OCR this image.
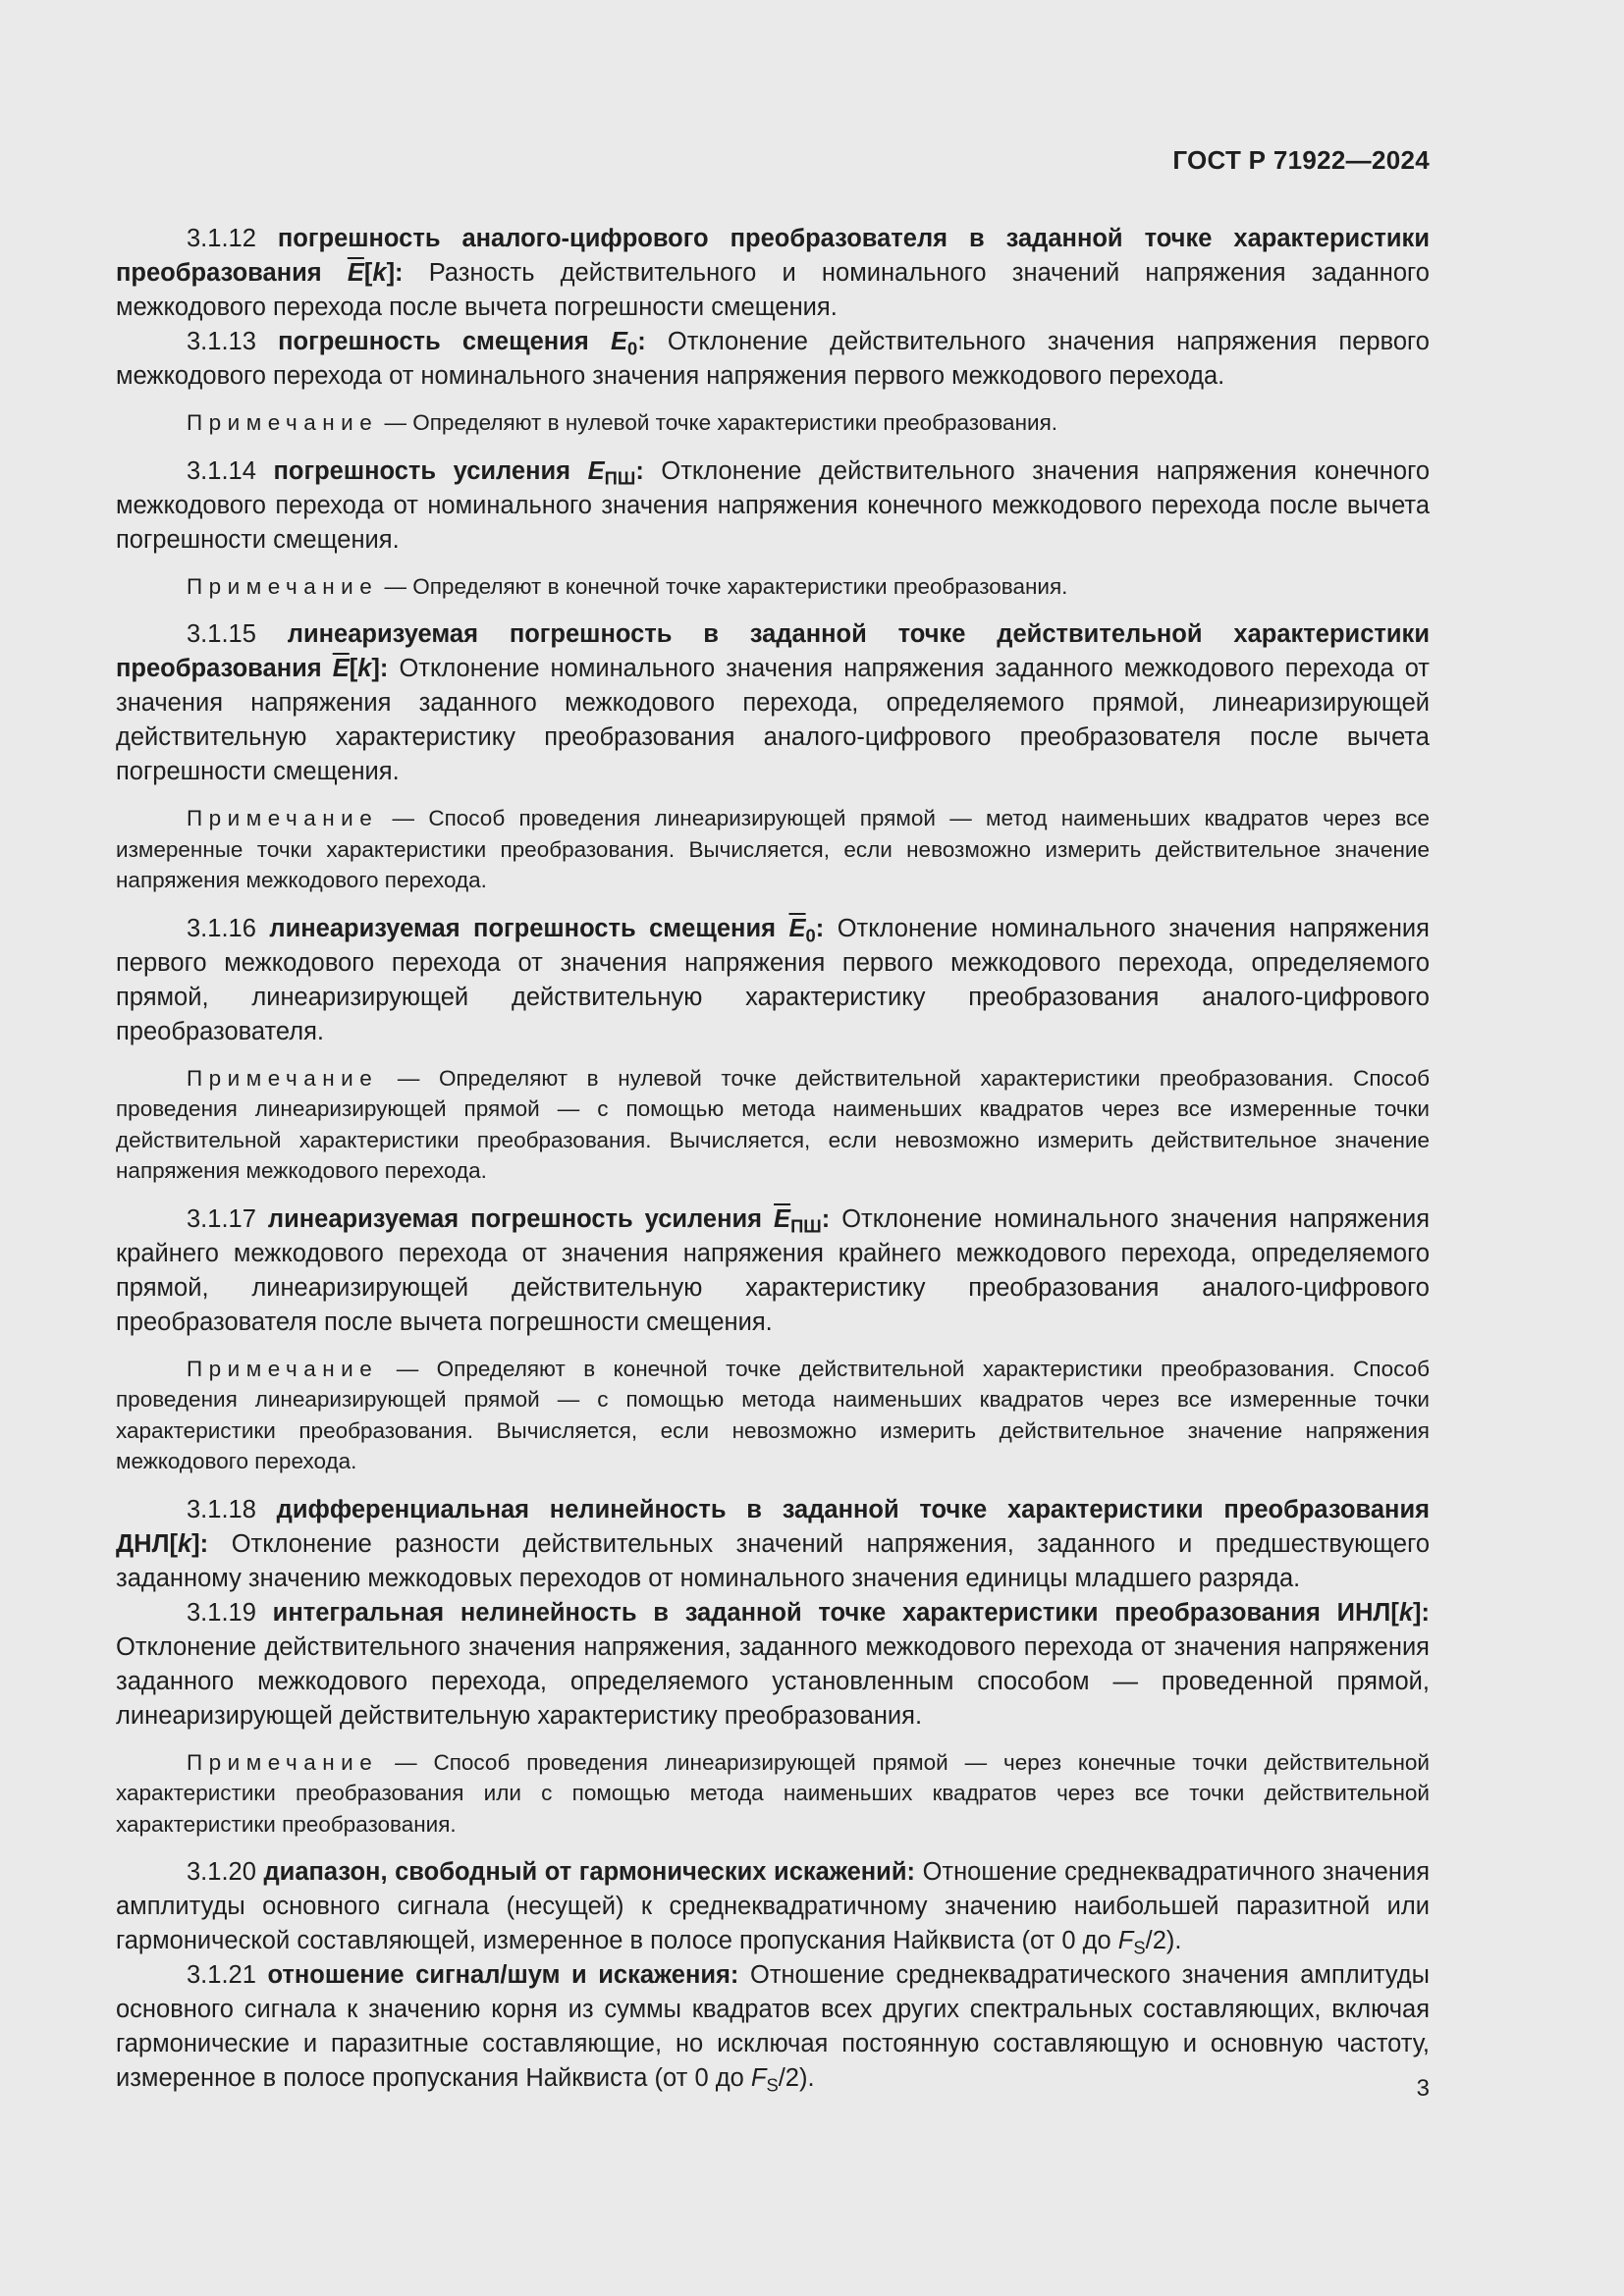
ГОСТ Р 71922—2024

3.1.12 погрешность аналого-цифрового преобразователя в заданной точке характеристики преобразования $\overline{E}[k]$: Разность действительного и номинального значений напряжения заданного межкодового перехода после вычета погрешности смещения.

3.1.13 погрешность смещения $E_0$: Отклонение действительного значения напряжения первого межкодового перехода от номинального значения напряжения первого межкодового перехода.

Примечание — Определяют в нулевой точке характеристики преобразования.

3.1.14 погрешность усиления $E_{ПШ}$: Отклонение действительного значения напряжения конечного межкодового перехода от номинального значения напряжения конечного межкодового перехода после вычета погрешности смещения.

Примечание — Определяют в конечной точке характеристики преобразования.

3.1.15 линеаризуемая погрешность в заданной точке действительной характеристики преобразования $\overline{E}[k]$: Отклонение номинального значения напряжения заданного межкодового перехода от значения напряжения заданного межкодового перехода, определяемого прямой, линеаризирующей действительную характеристику преобразования аналого-цифрового преобразователя после вычета погрешности смещения.

Примечание — Способ проведения линеаризирующей прямой — метод наименьших квадратов через все измеренные точки характеристики преобразования. Вычисляется, если невозможно измерить действительное значение напряжения межкодового перехода.

3.1.16 линеаризуемая погрешность смещения $\overline{E}_0$: Отклонение номинального значения напряжения первого межкодового перехода от значения напряжения первого межкодового перехода, определяемого прямой, линеаризирующей действительную характеристику преобразования аналого-цифрового преобразователя.

Примечание — Определяют в нулевой точке действительной характеристики преобразования. Способ проведения линеаризирующей прямой — с помощью метода наименьших квадратов через все измеренные точки действительной характеристики преобразования. Вычисляется, если невозможно измерить действительное значение напряжения межкодового перехода.

3.1.17 линеаризуемая погрешность усиления $\overline{E}_{ПШ}$: Отклонение номинального значения напряжения крайнего межкодового перехода от значения напряжения крайнего межкодового перехода, определяемого прямой, линеаризирующей действительную характеристику преобразования аналого-цифрового преобразователя после вычета погрешности смещения.

Примечание — Определяют в конечной точке действительной характеристики преобразования. Способ проведения линеаризирующей прямой — с помощью метода наименьших квадратов через все измеренные точки характеристики преобразования. Вычисляется, если невозможно измерить действительное значение напряжения межкодового перехода.

3.1.18 дифференциальная нелинейность в заданной точке характеристики преобразования ДНЛ[k]: Отклонение разности действительных значений напряжения, заданного и предшествующего заданному значению межкодовых переходов от номинального значения единицы младшего разряда.

3.1.19 интегральная нелинейность в заданной точке характеристики преобразования ИНЛ[k]: Отклонение действительного значения напряжения, заданного межкодового перехода от значения напряжения заданного межкодового перехода, определяемого установленным способом — проведенной прямой, линеаризирующей действительную характеристику преобразования.

Примечание — Способ проведения линеаризирующей прямой — через конечные точки действительной характеристики преобразования или с помощью метода наименьших квадратов через все точки действительной характеристики преобразования.

3.1.20 диапазон, свободный от гармонических искажений: Отношение среднеквадратичного значения амплитуды основного сигнала (несущей) к среднеквадратичному значению наибольшей паразитной или гармонической составляющей, измеренное в полосе пропускания Найквиста (от 0 до $F_S/2$).

3.1.21 отношение сигнал/шум и искажения: Отношение среднеквадратического значения амплитуды основного сигнала к значению корня из суммы квадратов всех других спектральных составляющих, включая гармонические и паразитные составляющие, но исключая постоянную составляющую и основную частоту, измеренное в полосе пропускания Найквиста (от 0 до $F_S/2$).	3
